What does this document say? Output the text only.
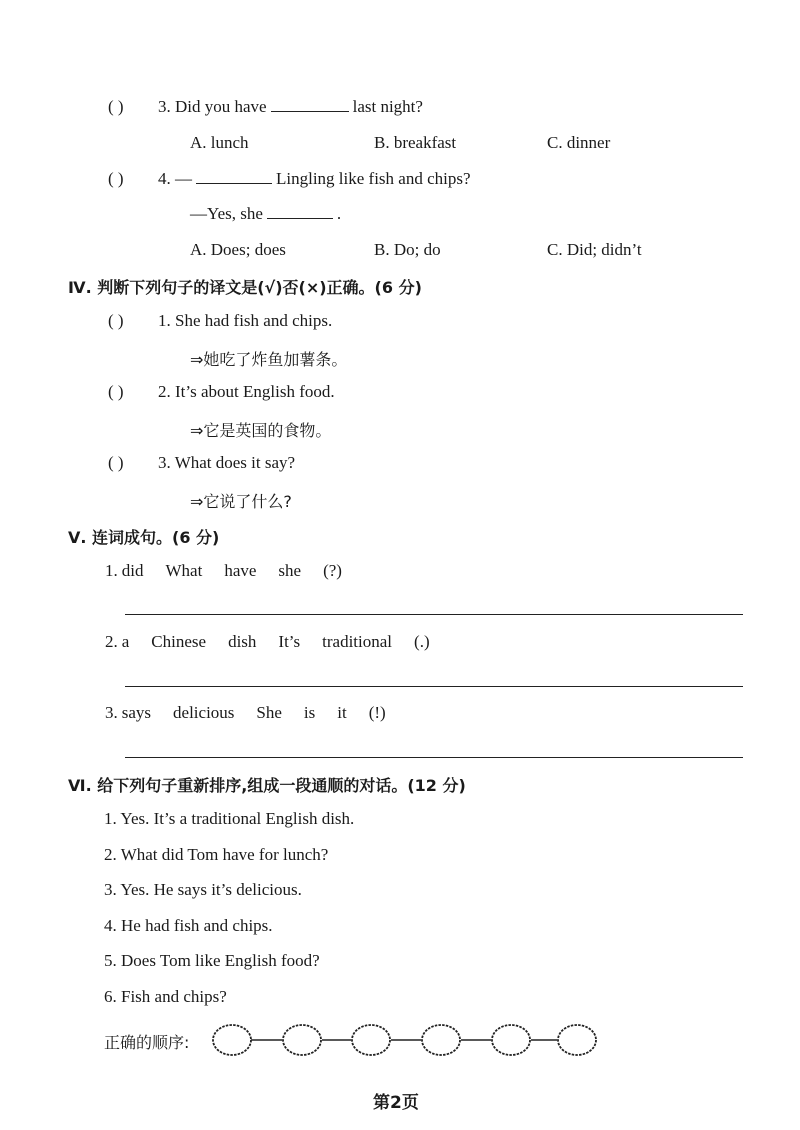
( ) 3. Did you have	last night?
A. lunch	B. breakfast	C. dinner
( ) 4. —	Lingling like fish and chips?
—Yes, she	.
A. Does; does	B. Do; do	C. Did; didn’t
Ⅳ. 判断下列句子的译文是(√)否(×)正确。(6 分)
( ) 1. She had fish and chips.
⇒她吃了炸鱼加薯条。
( ) 2. It’s about English food.
⇒它是英国的食物。
( ) 3. What does it say?
⇒它说了什么?
Ⅴ. 连词成句。(6 分)
1. did What have she (?)
2. a Chinese dish It’s traditional (.)
3. says delicious She is it (!)
Ⅵ. 给下列句子重新排序,组成一段通顺的对话。(12 分)
1. Yes. It’s a traditional English dish.
2. What did Tom have for lunch?
3. Yes. He says it’s delicious.
4. He had fish and chips.
5. Does Tom like English food?
6. Fish and chips?
正确的顺序:
第2页
